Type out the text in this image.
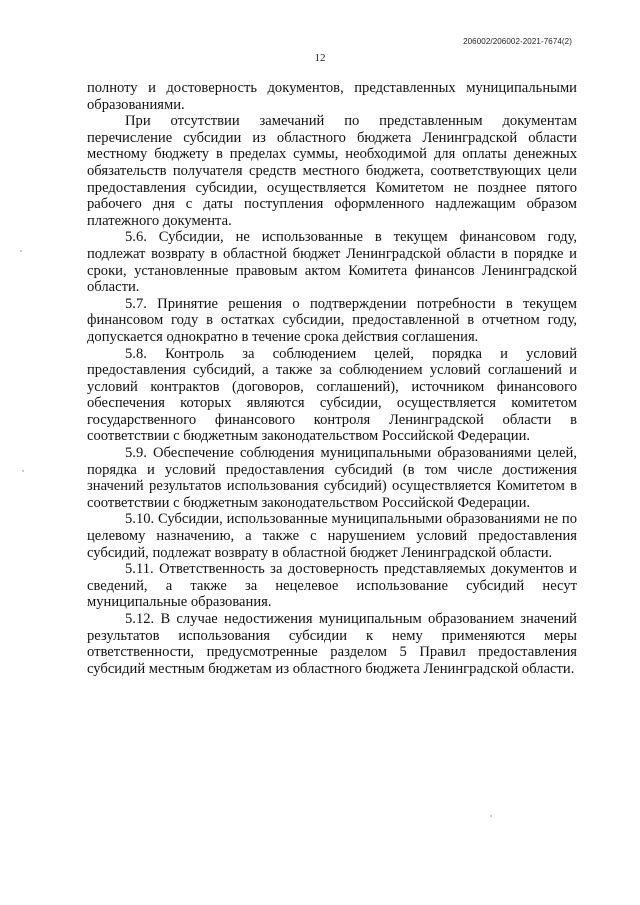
206002/206002-2021-7674(2)
12

полноту и достоверность документов, представленных муниципальными образованиями.

При отсутствии замечаний по представленным документам перечисление субсидии из областного бюджета Ленинградской области местному бюджету в пределах суммы, необходимой для оплаты денежных обязательств получателя средств местного бюджета, соответствующих цели предоставления субсидии, осуществляется Комитетом не позднее пятого рабочего дня с даты поступления оформленного надлежащим образом платежного документа.

5.6. Субсидии, не использованные в текущем финансовом году, подлежат возврату в областной бюджет Ленинградской области в порядке и сроки, установленные правовым актом Комитета финансов Ленинградской области.

5.7. Принятие решения о подтверждении потребности в текущем финансовом году в остатках субсидии, предоставленной в отчетном году, допускается однократно в течение срока действия соглашения.

5.8. Контроль за соблюдением целей, порядка и условий предоставления субсидий, а также за соблюдением условий соглашений и условий контрактов (договоров, соглашений), источником финансового обеспечения которых являются субсидии, осуществляется комитетом государственного финансового контроля Ленинградской области в соответствии с бюджетным законодательством Российской Федерации.

5.9. Обеспечение соблюдения муниципальными образованиями целей, порядка и условий предоставления субсидий (в том числе достижения значений результатов использования субсидий) осуществляется Комитетом в соответствии с бюджетным законодательством Российской Федерации.

5.10. Субсидии, использованные муниципальными образованиями не по целевому назначению, а также с нарушением условий предоставления субсидий, подлежат возврату в областной бюджет Ленинградской области.

5.11. Ответственность за достоверность представляемых документов и сведений, а также за нецелевое использование субсидий несут муниципальные образования.

5.12. В случае недостижения муниципальным образованием значений результатов использования субсидии к нему применяются меры ответственности, предусмотренные разделом 5 Правил предоставления субсидий местным бюджетам из областного бюджета Ленинградской области.
